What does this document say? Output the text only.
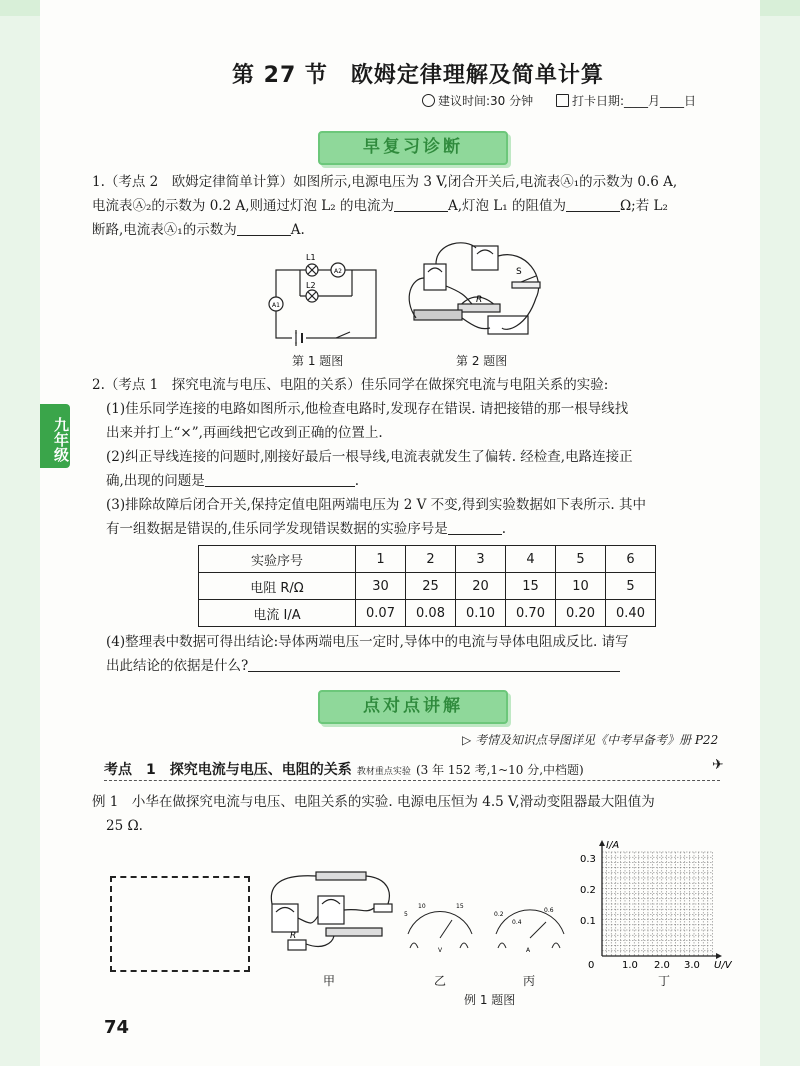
九年级
第 27 节　欧姆定律理解及简单计算
建议时间:30 分钟	打卡日期:____月____日
早复习诊断
1.（考点 2　欧姆定律简单计算）如图所示,电源电压为 3 V,闭合开关后,电流表Ⓐ₁的示数为 0.6 A,
电流表Ⓐ₂的示数为 0.2 A,则通过灯泡 L₂ 的电流为	A,灯泡 L₁ 的阻值为	Ω;若 L₂
断路,电流表Ⓐ₁的示数为	A.
L1
L2
A2
A1
S
R
第 1 题图	第 2 题图
2.（考点 1　探究电流与电压、电阻的关系）佳乐同学在做探究电流与电阻关系的实验:
(1)佳乐同学连接的电路如图所示,他检查电路时,发现存在错误. 请把接错的那一根导线找
出来并打上“×”,再画线把它改到正确的位置上.
(2)纠正导线连接的问题时,刚接好最后一根导线,电流表就发生了偏转. 经检查,电路连接正
确,出现的问题是	.
(3)排除故障后闭合开关,保持定值电阻两端电压为 2 V 不变,得到实验数据如下表所示. 其中
有一组数据是错误的,佳乐同学发现错误数据的实验序号是	.
实验序号	1	2	3	4	5	6
电阻 R/Ω	30	25	20	15	10	5
电流 I/A	0.07	0.08	0.10	0.70	0.20	0.40
(4)整理表中数据可得出结论:导体两端电压一定时,导体中的电流与导体电阻成反比. 请写
出此结论的依据是什么?
点对点讲解
▷ 考情及知识点导图详见《中考早备考》册 P22
考点　1　探究电流与电压、电阻的关系 教材重点实验 (3 年 152 考,1~10 分,中档题)	✈
例 1　小华在做探究电流与电压、电阻关系的实验. 电源电压恒为 4.5 V,滑动变阻器最大阻值为
25 Ω.
R
5
10	15
V
0.2
0.4
0.6
A
I/A
U/V
0.3
0.2
0.1
0	1.0 2.0 3.0
甲	乙	丙	丁
例 1 题图
74
